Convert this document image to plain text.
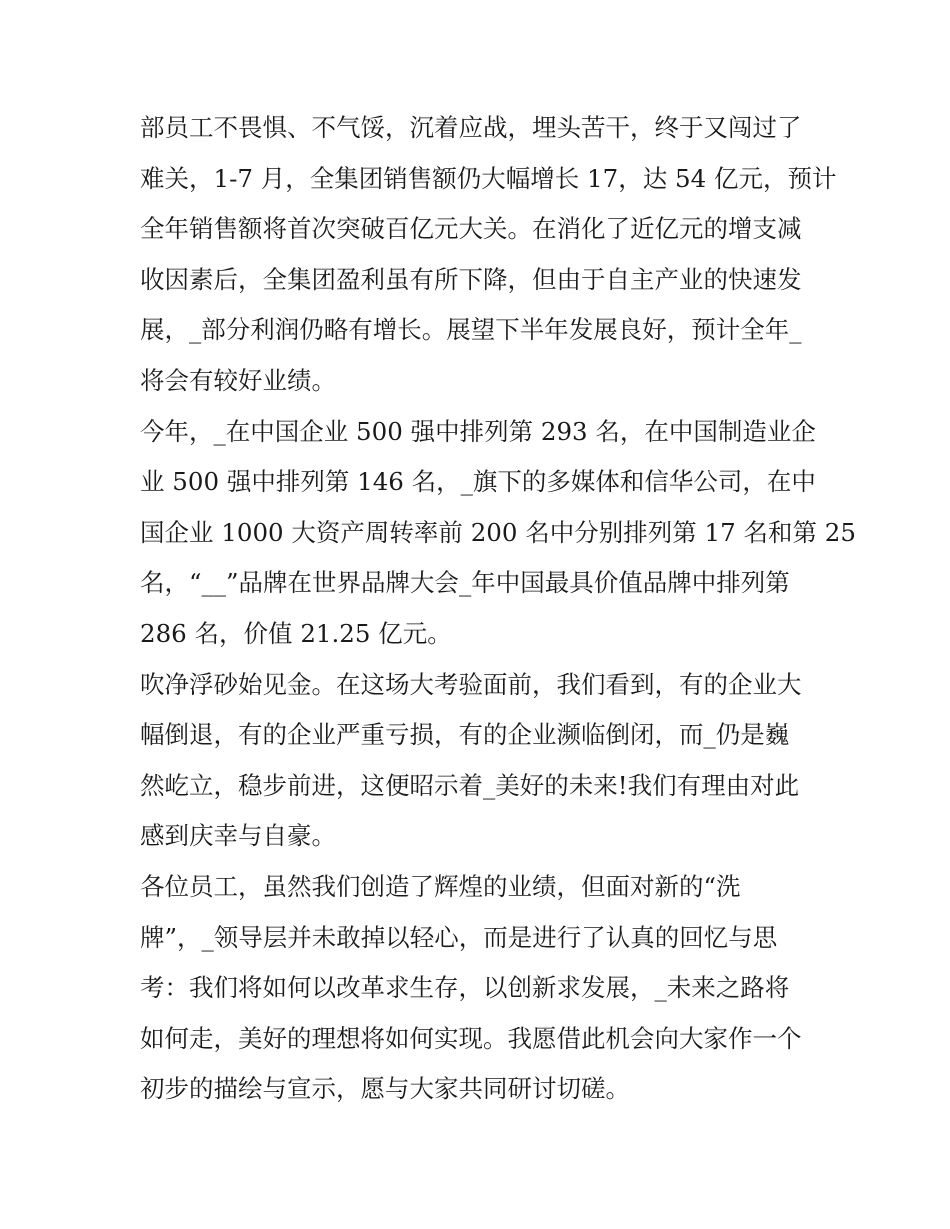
部员工不畏惧、不气馁，沉着应战，埋头苦干，终于又闯过了
难关，1-7 月，全集团销售额仍大幅增长 17，达 54 亿元，预计
全年销售额将首次突破百亿元大关。在消化了近亿元的增支减
收因素后，全集团盈利虽有所下降，但由于自主产业的快速发
展，_部分利润仍略有增长。展望下半年发展良好，预计全年_
将会有较好业绩。
今年，_在中国企业 500 强中排列第 293 名，在中国制造业企
业 500 强中排列第 146 名，_旗下的多媒体和信华公司，在中
国企业 1000 大资产周转率前 200 名中分别排列第 17 名和第 25
名，“__”品牌在世界品牌大会_年中国最具价值品牌中排列第
286 名，价值 21.25 亿元。
吹净浮砂始见金。在这场大考验面前，我们看到，有的企业大
幅倒退，有的企业严重亏损，有的企业濒临倒闭，而_仍是巍
然屹立，稳步前进，这便昭示着_美好的未来!我们有理由对此
感到庆幸与自豪。
各位员工，虽然我们创造了辉煌的业绩，但面对新的“洗
牌”，_领导层并未敢掉以轻心，而是进行了认真的回忆与思
考：我们将如何以改革求生存，以创新求发展，_未来之路将
如何走，美好的理想将如何实现。我愿借此机会向大家作一个
初步的描绘与宣示，愿与大家共同研讨切磋。
